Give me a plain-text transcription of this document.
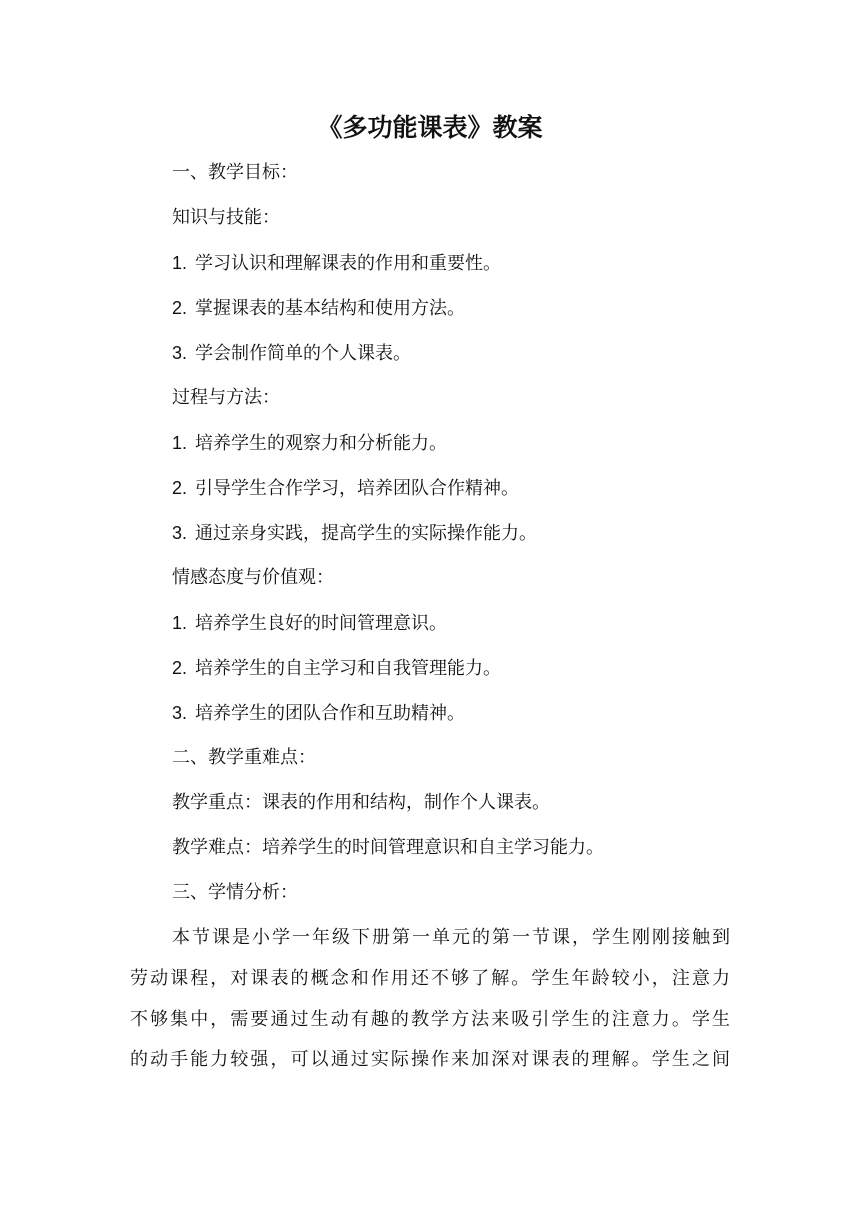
《多功能课表》教案
一、教学目标：
知识与技能：
1. 学习认识和理解课表的作用和重要性。
2. 掌握课表的基本结构和使用方法。
3. 学会制作简单的个人课表。
过程与方法：
1. 培养学生的观察力和分析能力。
2. 引导学生合作学习，培养团队合作精神。
3. 通过亲身实践，提高学生的实际操作能力。
情感态度与价值观：
1. 培养学生良好的时间管理意识。
2. 培养学生的自主学习和自我管理能力。
3. 培养学生的团队合作和互助精神。
二、教学重难点：
教学重点：课表的作用和结构，制作个人课表。
教学难点：培养学生的时间管理意识和自主学习能力。
三、学情分析：
本节课是小学一年级下册第一单元的第一节课，学生刚刚接触到
劳动课程，对课表的概念和作用还不够了解。学生年龄较小，注意力
不够集中，需要通过生动有趣的教学方法来吸引学生的注意力。学生
的动手能力较强，可以通过实际操作来加深对课表的理解。学生之间
